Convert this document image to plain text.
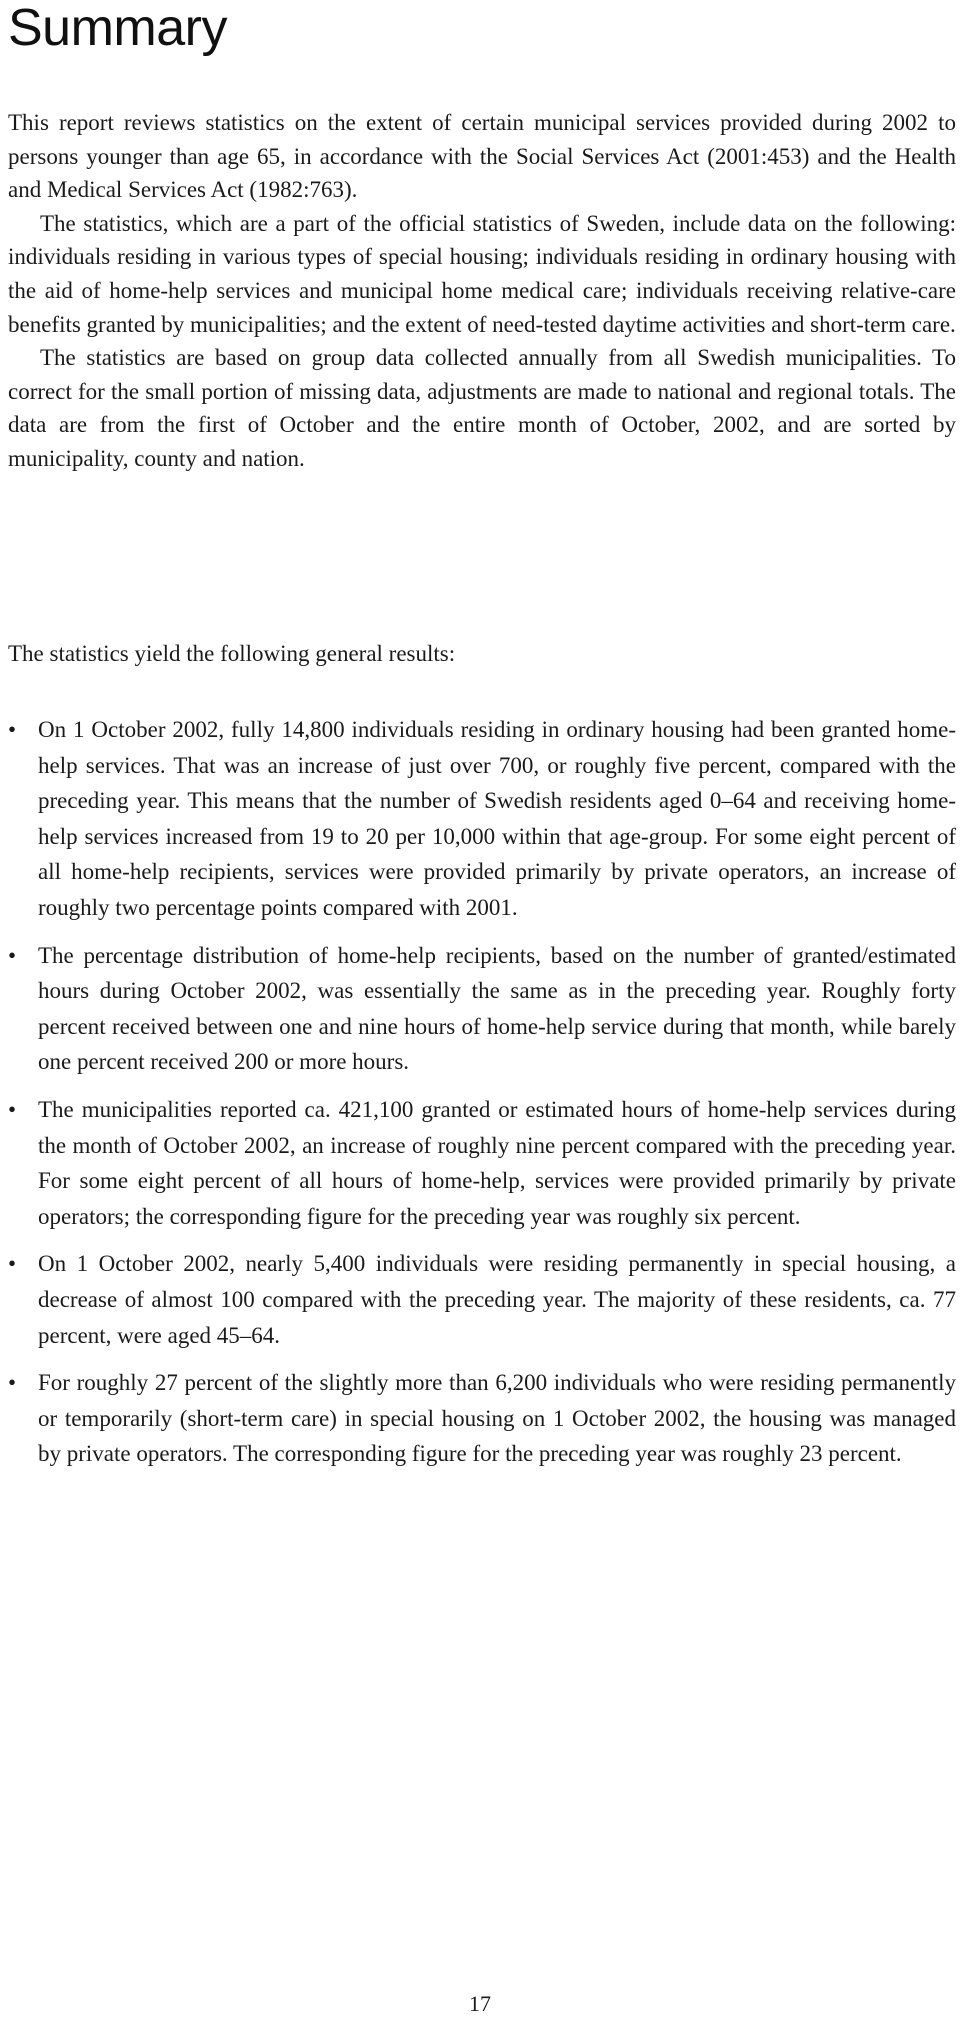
Summary

This report reviews statistics on the extent of certain municipal services provided during 2002 to persons younger than age 65, in accordance with the Social Services Act (2001:453) and the Health and Medical Services Act (1982:763).

The statistics, which are a part of the official statistics of Sweden, include data on the following: individuals residing in various types of special housing; individuals residing in ordinary housing with the aid of home-help services and municipal home medical care; individuals receiving relative-care benefits granted by municipalities; and the extent of need-tested daytime activities and short-term care.

The statistics are based on group data collected annually from all Swedish municipalities. To correct for the small portion of missing data, adjustments are made to national and regional totals. The data are from the first of October and the entire month of October, 2002, and are sorted by municipality, county and nation.

The statistics yield the following general results:

• On 1 October 2002, fully 14,800 individuals residing in ordinary housing had been granted home-help services. That was an increase of just over 700, or roughly five percent, compared with the preceding year. This means that the number of Swedish residents aged 0–64 and receiving home-help services increased from 19 to 20 per 10,000 within that age-group. For some eight percent of all home-help recipients, services were provided primarily by private operators, an increase of roughly two percentage points compared with 2001.
• The percentage distribution of home-help recipients, based on the number of granted/estimated hours during October 2002, was essentially the same as in the preceding year. Roughly forty percent received between one and nine hours of home-help service during that month, while barely one percent received 200 or more hours.
• The municipalities reported ca. 421,100 granted or estimated hours of home-help services during the month of October 2002, an increase of roughly nine percent compared with the preceding year. For some eight percent of all hours of home-help, services were provided primarily by private operators; the corresponding figure for the preceding year was roughly six percent.
• On 1 October 2002, nearly 5,400 individuals were residing permanently in special housing, a decrease of almost 100 compared with the preceding year. The majority of these residents, ca. 77 percent, were aged 45–64.
• For roughly 27 percent of the slightly more than 6,200 individuals who were residing permanently or temporarily (short-term care) in special housing on 1 October 2002, the housing was managed by private operators. The corresponding figure for the preceding year was roughly 23 percent.
17
